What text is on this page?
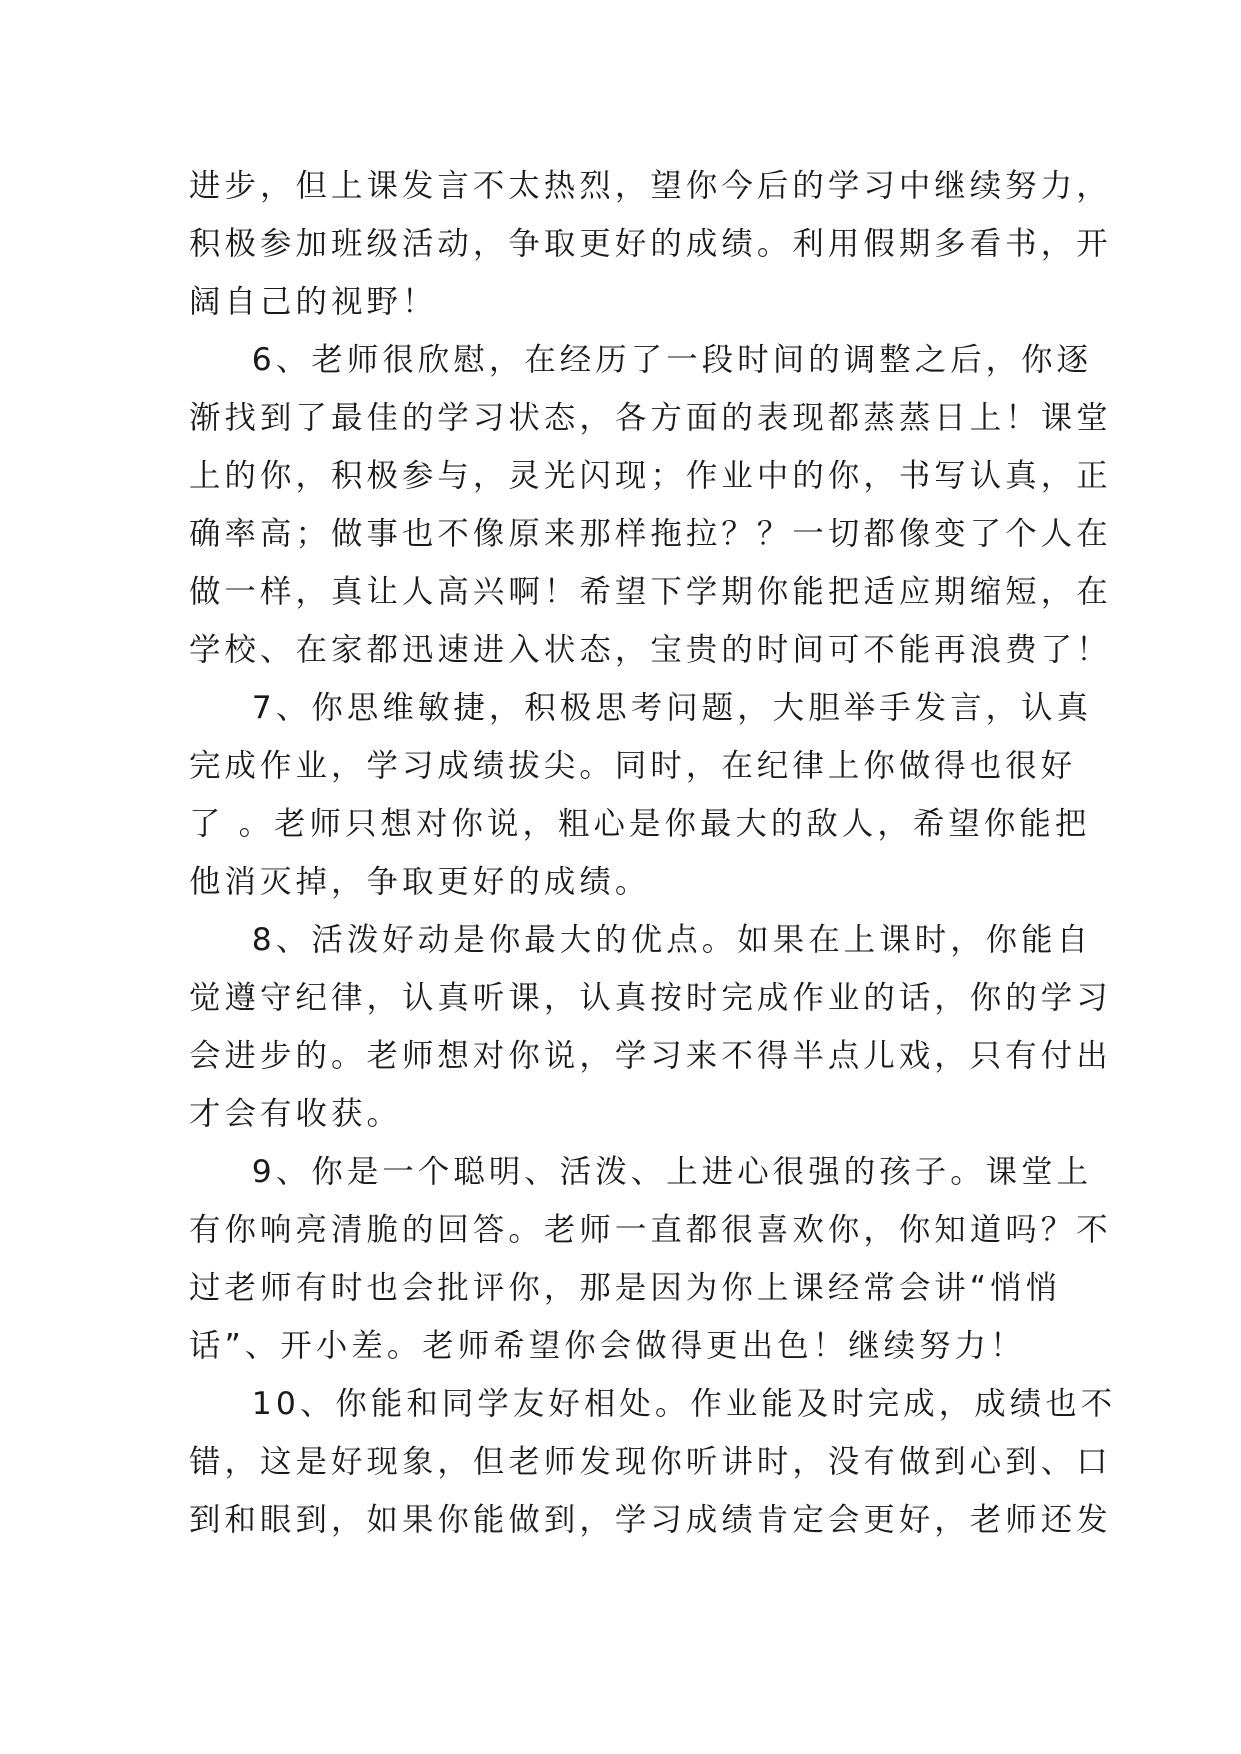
进步，但上课发言不太热烈，望你今后的学习中继续努力，

积极参加班级活动，争取更好的成绩。利用假期多看书，开

阔自己的视野！

6、老师很欣慰，在经历了一段时间的调整之后，你逐

渐找到了最佳的学习状态，各方面的表现都蒸蒸日上！课堂

上的你，积极参与，灵光闪现；作业中的你，书写认真，正

确率高；做事也不像原来那样拖拉？？一切都像变了个人在

做一样，真让人高兴啊！希望下学期你能把适应期缩短，在

学校、在家都迅速进入状态，宝贵的时间可不能再浪费了！

7、你思维敏捷，积极思考问题，大胆举手发言，认真

完成作业，学习成绩拔尖。同时，在纪律上你做得也很好

了 。老师只想对你说，粗心是你最大的敌人，希望你能把

他消灭掉，争取更好的成绩。

8、活泼好动是你最大的优点。如果在上课时，你能自

觉遵守纪律，认真听课，认真按时完成作业的话，你的学习

会进步的。老师想对你说，学习来不得半点儿戏，只有付出

才会有收获。

9、你是一个聪明、活泼、上进心很强的孩子。课堂上

有你响亮清脆的回答。老师一直都很喜欢你，你知道吗？不

过老师有时也会批评你，那是因为你上课经常会讲“悄悄

话”、开小差。老师希望你会做得更出色！继续努力！

10、你能和同学友好相处。作业能及时完成，成绩也不

错，这是好现象，但老师发现你听讲时，没有做到心到、口

到和眼到，如果你能做到，学习成绩肯定会更好，老师还发
